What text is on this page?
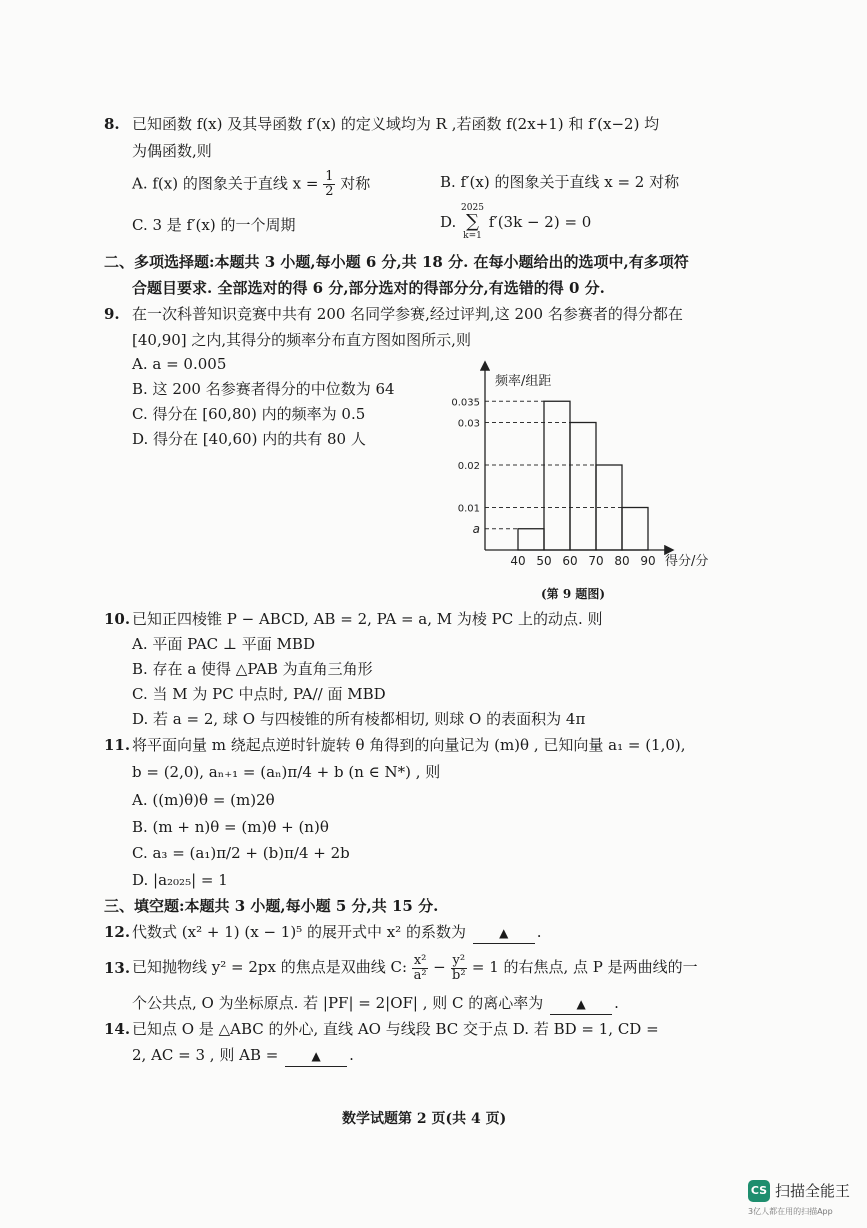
8. 已知函数 f(x) 及其导函数 f′(x) 的定义域均为 R ,若函数 f(2x+1) 和 f′(x−2) 均
为偶函数,则
A. f(x) 的图象关于直线 $x = \frac{1}{2}$ 对称	B. f′(x) 的图象关于直线 x = 2 对称
C. 3 是 f′(x) 的一个周期	D.
2025
∑
k=1
f′(3k − 2) = 0
二、多项选择题:本题共 3 小题,每小题 6 分,共 18 分. 在每小题给出的选项中,有多项符
合题目要求. 全部选对的得 6 分,部分选对的得部分分,有选错的得 0 分.
9. 在一次科普知识竞赛中共有 200 名同学参赛,经过评判,这 200 名参赛者的得分都在
[40,90] 之内,其得分的频率分布直方图如图所示,则
A. a = 0.005
B. 这 200 名参赛者得分的中位数为 64
C. 得分在 [60,80) 内的频率为 0.5
D. 得分在 [40,60) 内的共有 80 人
频率/组距
得分/分
a
0.01
0.02
0.03
0.035
40 50 60 70 80 90
(第 9 题图)
10. 已知正四棱锥 P − ABCD, AB = 2, PA = a, M 为棱 PC 上的动点. 则
A. 平面 PAC ⊥ 平面 MBD
B. 存在 a 使得 △PAB 为直角三角形
C. 当 M 为 PC 中点时, PA// 面 MBD
D. 若 a = 2, 球 O 与四棱锥的所有棱都相切, 则球 O 的表面积为 4π
11. 将平面向量 m 绕起点逆时针旋转 θ 角得到的向量记为 (m)θ , 已知向量 a₁ = (1,0),
b = (2,0), aₙ₊₁ = (aₙ)π/4 + b (n ∈ N*) , 则
A. ((m)θ)θ = (m)2θ
B. (m + n)θ = (m)θ + (n)θ
C. a₃ = (a₁)π/2 + (b)π/4 + 2b
D. |a₂₀₂₅| = 1
三、填空题:本题共 3 小题,每小题 5 分,共 15 分.
12. 代数式 (x² + 1) (x − 1)⁵ 的展开式中 x² 的系数为	▲ .
13. 已知抛物线 y² = 2px 的焦点是双曲线 C: $\frac{\text{x²}}{\text{a²}} - \frac{\text{y²}}{\text{b²}} = 1$ 的右焦点, 点 P 是两曲线的一
个公共点, O 为坐标原点. 若 |PF| = 2|OF| , 则 C 的离心率为	▲ .
14. 已知点 O 是 △ABC 的外心, 直线 AO 与线段 BC 交于点 D. 若 BD = 1, CD =
2, AC = 3 , 则 AB =	▲ .
数学试题第 2 页(共 4 页)
CS 扫描全能王
3亿人都在用的扫描App
